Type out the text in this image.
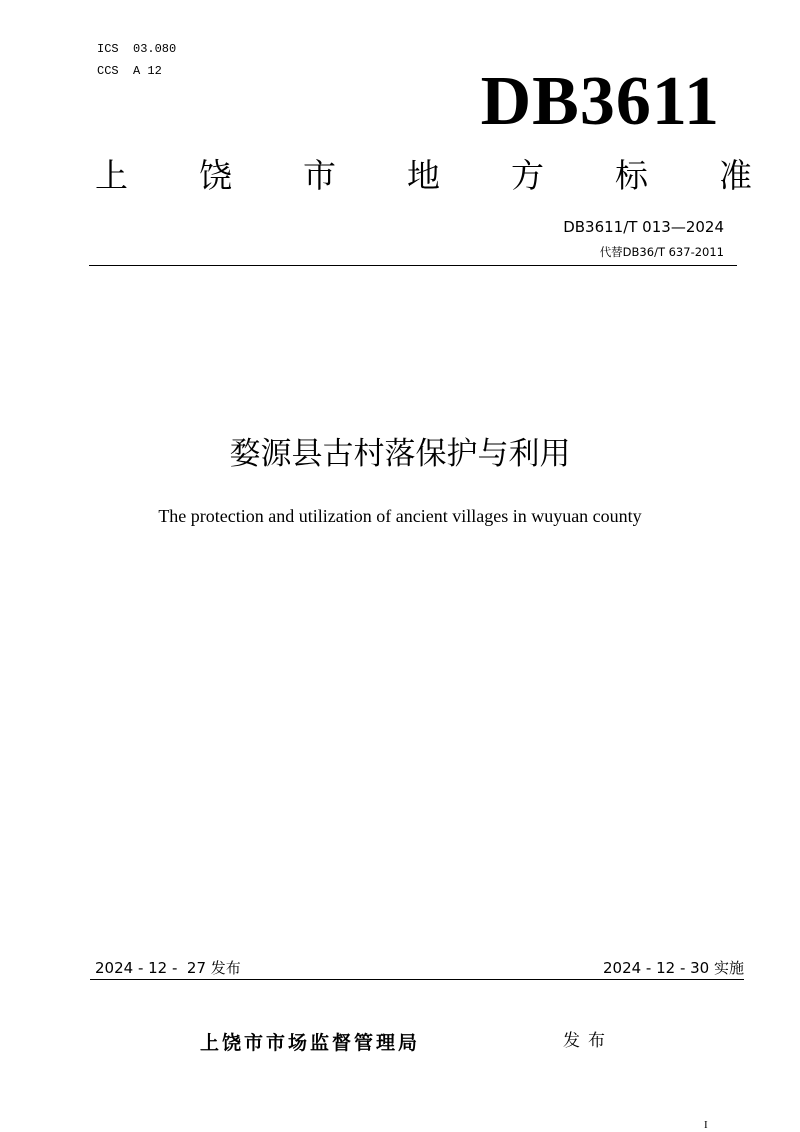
ICS  03.080
CCS  A 12	DB3611
上 饶 市 地 方 标 准
DB3611/T 013—2024
代替DB36/T 637-2011
婺源县古村落保护与利用
The protection and utilization of ancient villages in wuyuan county
2024 - 12 -  27 发布	2024 - 12 - 30 实施
上饶市市场监督管理局	发布
I
